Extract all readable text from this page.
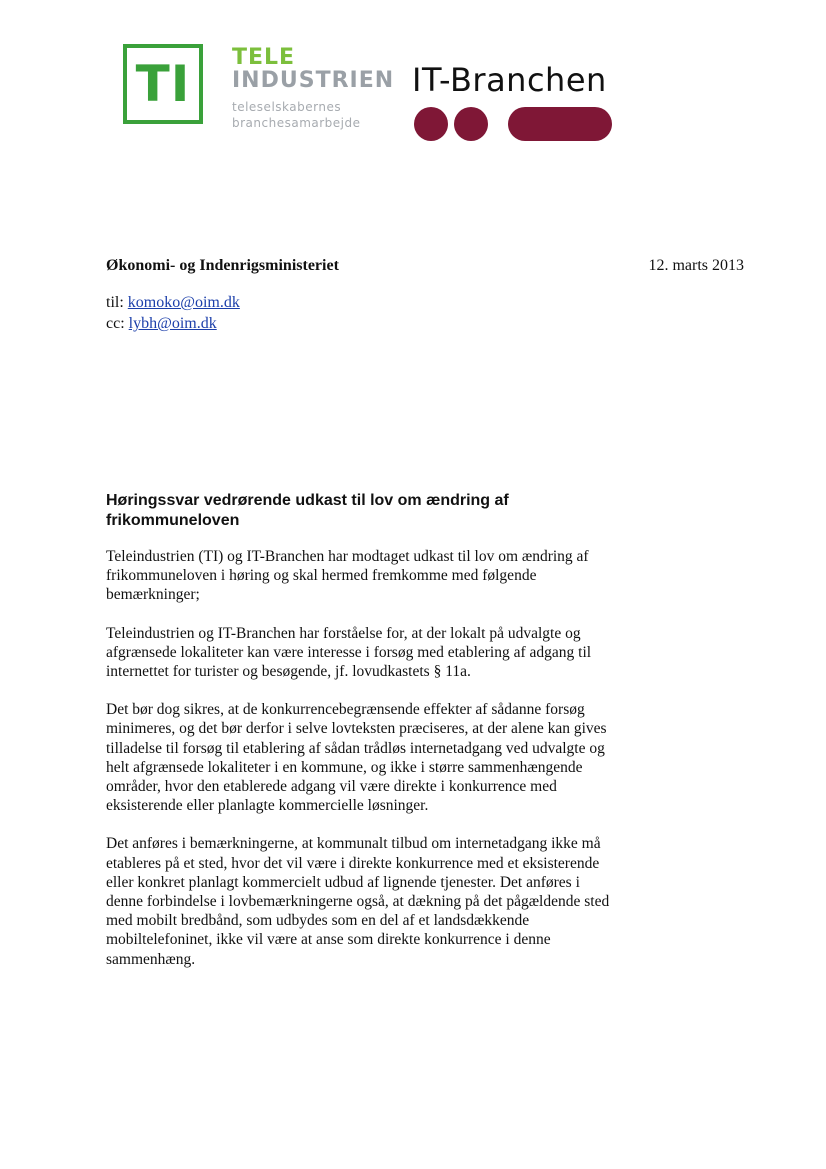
TI TELE
INDUSTRIEN
teleselskabernes
branchesamarbejde
IT-Branchen
Økonomi- og Indenrigsministeriet	12. marts 2013
til: komoko@oim.dk
cc: lybh@oim.dk
Høringssvar vedrørende udkast til lov om ændring af frikommuneloven

Teleindustrien (TI) og IT-Branchen har modtaget udkast til lov om ændring af
frikommuneloven i høring og skal hermed fremkomme med følgende
bemærkninger;

Teleindustrien og IT-Branchen har forståelse for, at der lokalt på udvalgte og
afgrænsede lokaliteter kan være interesse i forsøg med etablering af adgang til
internettet for turister og besøgende, jf. lovudkastets § 11a.

Det bør dog sikres, at de konkurrencebegrænsende effekter af sådanne forsøg
minimeres, og det bør derfor i selve lovteksten præciseres, at der alene kan gives
tilladelse til forsøg til etablering af sådan trådløs internetadgang ved udvalgte og
helt afgrænsede lokaliteter i en kommune, og ikke i større sammenhængende
områder, hvor den etablerede adgang vil være direkte i konkurrence med
eksisterende eller planlagte kommercielle løsninger.

Det anføres i bemærkningerne, at kommunalt tilbud om internetadgang ikke må
etableres på et sted, hvor det vil være i direkte konkurrence med et eksisterende
eller konkret planlagt kommercielt udbud af lignende tjenester. Det anføres i
denne forbindelse i lovbemærkningerne også, at dækning på det pågældende sted
med mobilt bredbånd, som udbydes som en del af et landsdækkende
mobiltelefoninet, ikke vil være at anse som direkte konkurrence i denne
sammenhæng.
